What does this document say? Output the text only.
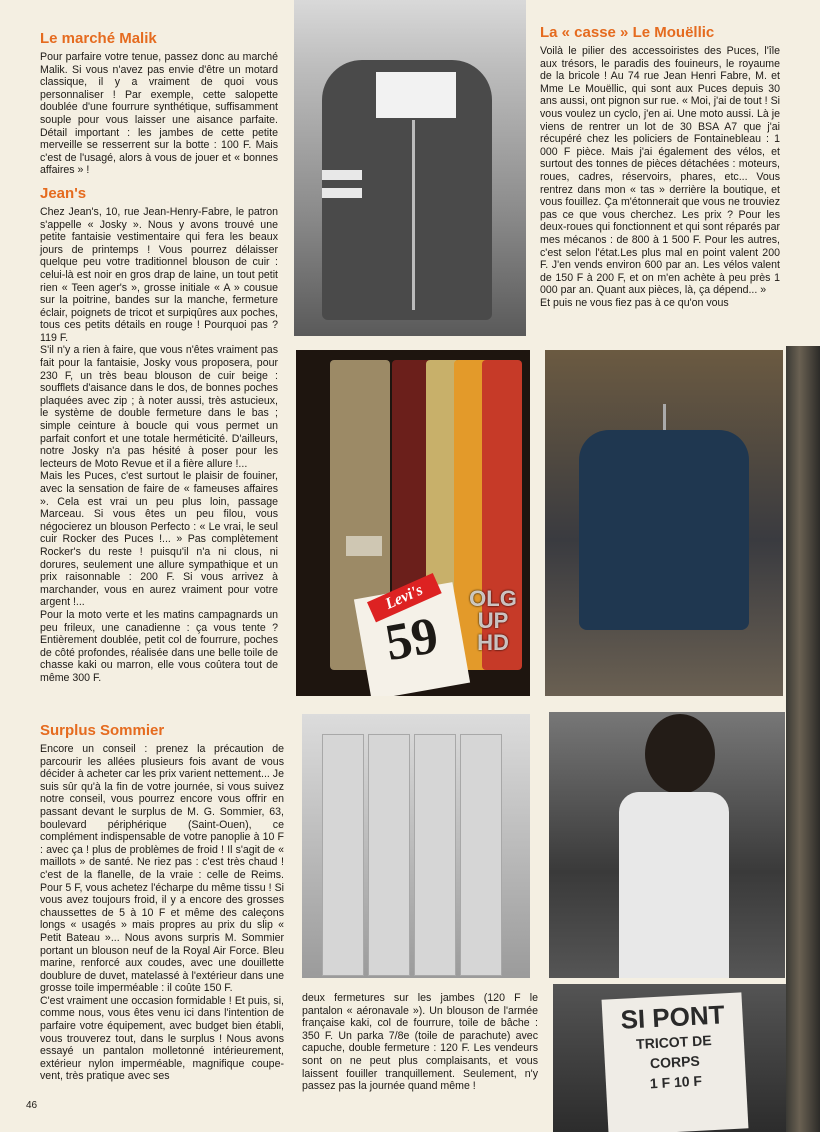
Le marché Malik

Pour parfaire votre tenue, passez donc au marché Malik. Si vous n'avez pas envie d'être un motard classique, il y a vraiment de quoi vous personnaliser ! Par exemple, cette salopette doublée d'une fourrure synthétique, suffisamment souple pour vous laisser une aisance parfaite. Détail important : les jambes de cette petite merveille se resserrent sur la botte : 100 F. Mais c'est de l'usagé, alors à vous de jouer et « bonnes affaires » !

Jean's

Chez Jean's, 10, rue Jean-Henry-Fabre, le patron s'appelle « Josky ». Nous y avons trouvé une petite fantaisie vestimentaire qui fera les beaux jours de printemps ! Vous pourrez délaisser quelque peu votre traditionnel blouson de cuir : celui-là est noir en gros drap de laine, un tout petit rien « Teen ager's », grosse initiale « A » cousue sur la poitrine, bandes sur la manche, fermeture éclair, poignets de tricot et surpiqûres aux poches, tous ces petits détails en rouge ! Pourquoi pas ? 119 F.

S'il n'y a rien à faire, que vous n'êtes vraiment pas fait pour la fantaisie, Josky vous proposera, pour 230 F, un très beau blouson de cuir beige : soufflets d'aisance dans le dos, de bonnes poches plaquées avec zip ; à noter aussi, très astucieux, le système de double fermeture dans le bas ; simple ceinture à boucle qui vous permet un parfait confort et une totale herméticité. D'ailleurs, notre Josky n'a pas hésité à poser pour les lecteurs de Moto Revue et il a fière allure !...

Mais les Puces, c'est surtout le plaisir de fouiner, avec la sensation de faire de « fameuses affaires ». Cela est vrai un peu plus loin, passage Marceau. Si vous êtes un peu filou, vous négocierez un blouson Perfecto : « Le vrai, le seul cuir Rocker des Puces !... » Pas complètement Rocker's du reste ! puisqu'il n'a ni clous, ni dorures, seulement une allure sympathique et un prix raisonnable : 200 F. Si vous arrivez à marchander, vous en aurez vraiment pour votre argent !...

Pour la moto verte et les matins campagnards un peu frileux, une canadienne : ça vous tente ? Entièrement doublée, petit col de fourrure, poches de côté profondes, réalisée dans une belle toile de chasse kaki ou marron, elle vous coûtera tout de même 300 F.

Surplus Sommier

Encore un conseil : prenez la précaution de parcourir les allées plusieurs fois avant de vous décider à acheter car les prix varient nettement... Je suis sûr qu'à la fin de votre journée, si vous suivez notre conseil, vous pourrez encore vous offrir en passant devant le surplus de M. G. Sommier, 63, boulevard périphérique (Saint-Ouen), ce complément indispensable de votre panoplie à 10 F : avec ça ! plus de problèmes de froid ! Il s'agit de « maillots » de santé. Ne riez pas : c'est très chaud ! c'est de la flanelle, de la vraie : celle de Reims. Pour 5 F, vous achetez l'écharpe du même tissu ! Si vous avez toujours froid, il y a encore des grosses chaussettes de 5 à 10 F et même des caleçons longs « usagés » mais propres au prix du slip « Petit Bateau »... Nous avons surpris M. Sommier portant un blouson neuf de la Royal Air Force. Bleu marine, renforcé aux coudes, avec une douillette doublure de duvet, matelassé à l'extérieur dans une grosse toile imperméable : il coûte 150 F.

C'est vraiment une occasion formidable ! Et puis, si, comme nous, vous êtes venu ici dans l'intention de parfaire votre équipement, avec budget bien établi, vous trouverez tout, dans le surplus ! Nous avons essayé un pantalon molletonné intérieurement, extérieur nylon imperméable, magnifique coupe-vent, très pratique avec ses

deux fermetures sur les jambes (120 F le pantalon « aéronavale »). Un blouson de l'armée française kaki, col de fourrure, toile de bâche : 350 F. Un parka 7/8e (toile de parachute) avec capuche, double fermeture : 120 F. Les vendeurs sont on ne peut plus complaisants, et vous laissent fouiller tranquillement. Seulement, n'y passez pas la journée quand même !

La « casse » Le Mouëllic

Voilà le pilier des accessoiristes des Puces, l'île aux trésors, le paradis des fouineurs, le royaume de la bricole ! Au 74 rue Jean Henri Fabre, M. et Mme Le Mouëllic, qui sont aux Puces depuis 30 ans aussi, ont pignon sur rue. « Moi, j'ai de tout ! Si vous voulez un cyclo, j'en ai. Une moto aussi. Là je viens de rentrer un lot de 30 BSA A7 que j'ai récupéré chez les policiers de Fontainebleau : 1 000 F pièce. Mais j'ai également des vélos, et surtout des tonnes de pièces détachées : moteurs, roues, cadres, réservoirs, phares, etc... Vous rentrez dans mon « tas » derrière la boutique, et vous fouillez. Ça m'étonnerait que vous ne trouviez pas ce que vous cherchez. Les prix ? Pour les deux-roues qui fonctionnent et qui sont réparés par mes mécanos : de 800 à 1 500 F. Pour les autres, c'est selon l'état.Les plus mal en point valent 200 F. J'en vends environ 600 par an. Les vélos valent de 150 F à 200 F, et on m'en achète à peu près 1 000 par an. Quant aux pièces, là, ça dépend... »

Et puis ne vous fiez pas à ce qu'on vous

46
Levi's
59
SI PONT
TRICOT DE
CORPS
1 F 10 F
OLG
UP
HD
